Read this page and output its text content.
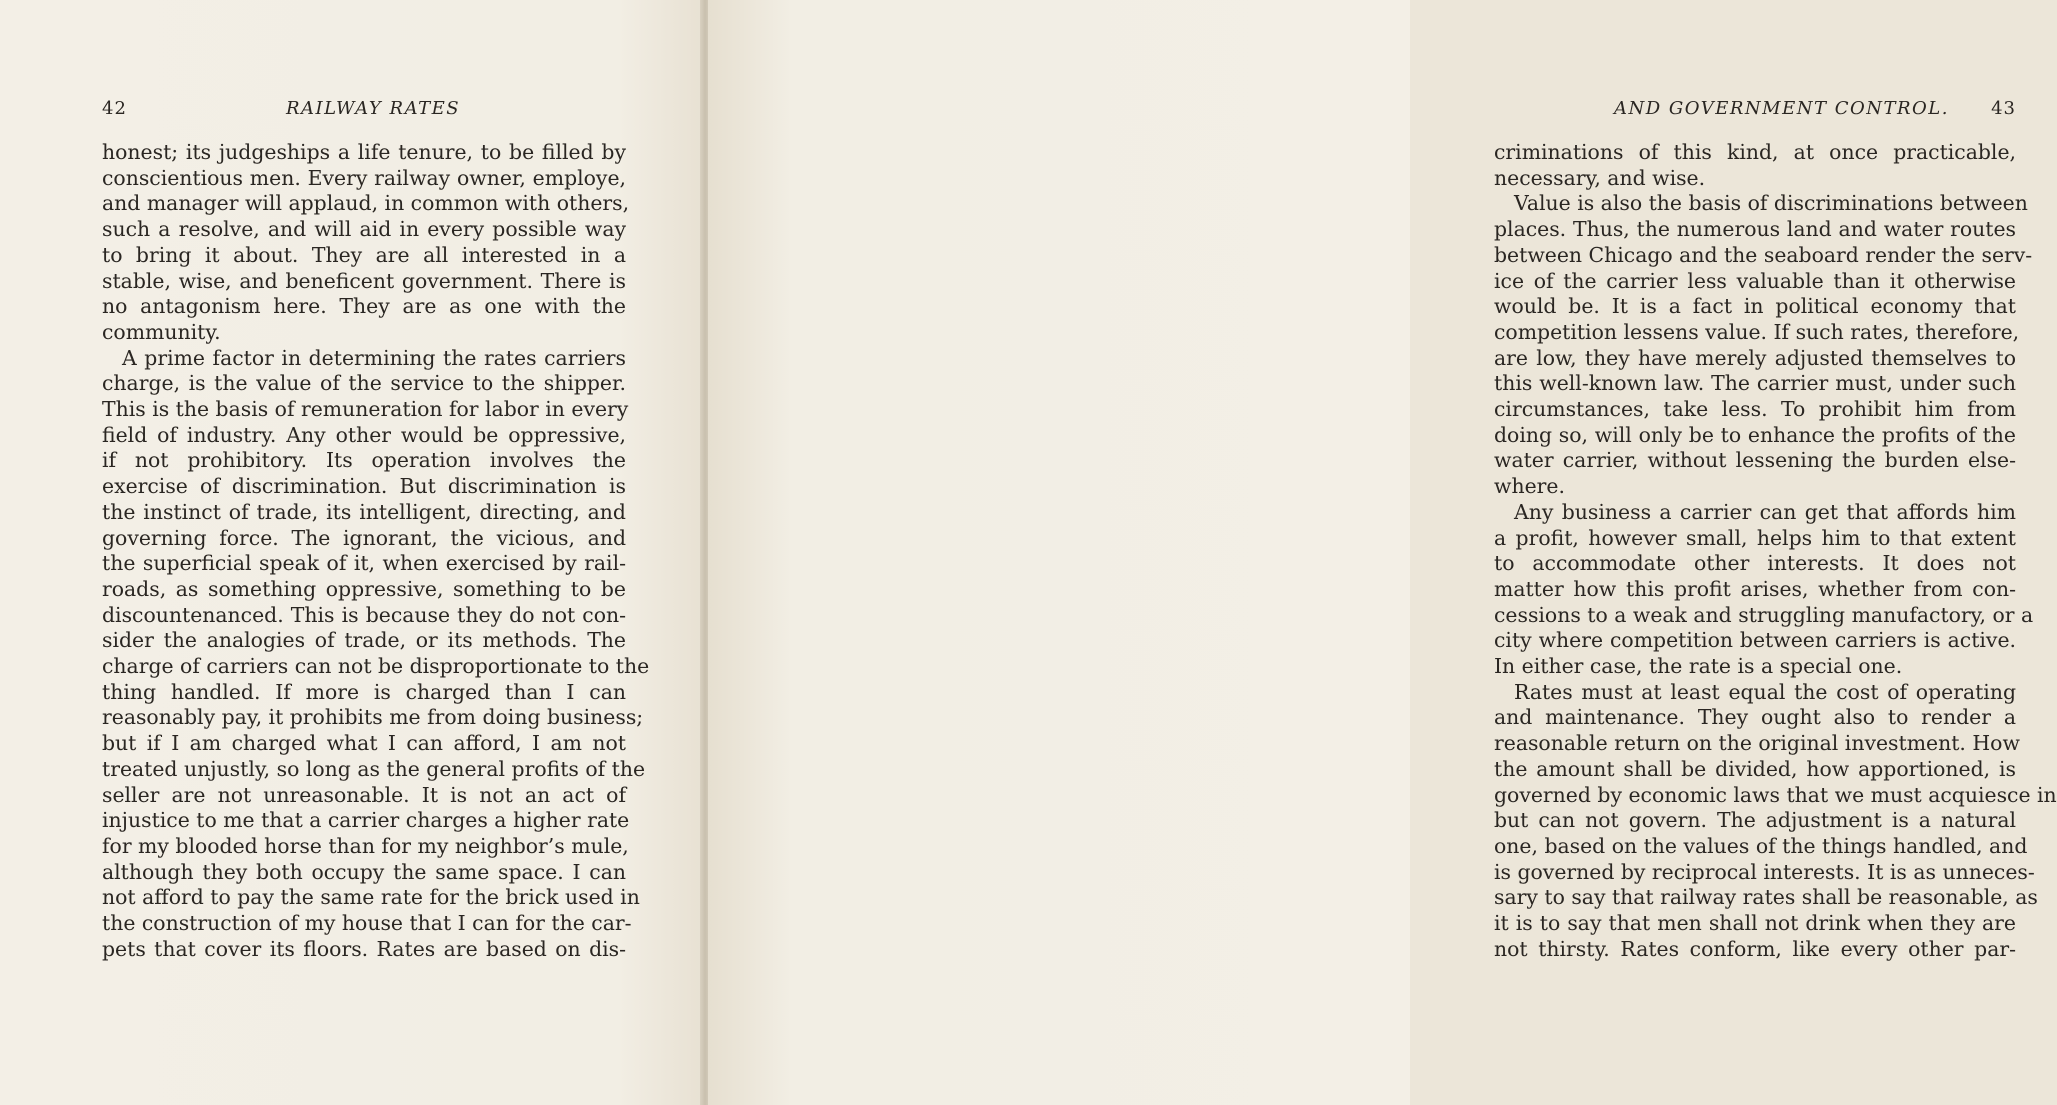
42	RAILWAY RATES
honest; its judgeships a life tenure, to be filled by
conscientious men. Every railway owner, employe,
and manager will applaud, in common with others,
such a resolve, and will aid in every possible way
to bring it about. They are all interested in a
stable, wise, and beneficent government. There is
no antagonism here. They are as one with the
community.
A prime factor in determining the rates carriers
charge, is the value of the service to the shipper.
This is the basis of remuneration for labor in every
field of industry. Any other would be oppressive,
if not prohibitory. Its operation involves the
exercise of discrimination. But discrimination is
the instinct of trade, its intelligent, directing, and
governing force. The ignorant, the vicious, and
the superficial speak of it, when exercised by rail-
roads, as something oppressive, something to be
discountenanced. This is because they do not con-
sider the analogies of trade, or its methods. The
charge of carriers can not be disproportionate to the
thing handled. If more is charged than I can
reasonably pay, it prohibits me from doing business;
but if I am charged what I can afford, I am not
treated unjustly, so long as the general profits of the
seller are not unreasonable. It is not an act of
injustice to me that a carrier charges a higher rate
for my blooded horse than for my neighbor’s mule,
although they both occupy the same space. I can
not afford to pay the same rate for the brick used in
the construction of my house that I can for the car-
pets that cover its floors. Rates are based on dis-
AND GOVERNMENT CONTROL. 43
criminations of this kind, at once practicable,
necessary, and wise.
Value is also the basis of discriminations between
places. Thus, the numerous land and water routes
between Chicago and the seaboard render the serv-
ice of the carrier less valuable than it otherwise
would be. It is a fact in political economy that
competition lessens value. If such rates, therefore,
are low, they have merely adjusted themselves to
this well-known law. The carrier must, under such
circumstances, take less. To prohibit him from
doing so, will only be to enhance the profits of the
water carrier, without lessening the burden else-
where.
Any business a carrier can get that affords him
a profit, however small, helps him to that extent
to accommodate other interests. It does not
matter how this profit arises, whether from con-
cessions to a weak and struggling manufactory, or a
city where competition between carriers is active.
In either case, the rate is a special one.
Rates must at least equal the cost of operating
and maintenance. They ought also to render a
reasonable return on the original investment. How
the amount shall be divided, how apportioned, is
governed by economic laws that we must acquiesce in
but can not govern. The adjustment is a natural
one, based on the values of the things handled, and
is governed by reciprocal interests. It is as unneces-
sary to say that railway rates shall be reasonable, as
it is to say that men shall not drink when they are
not thirsty. Rates conform, like every other par-
